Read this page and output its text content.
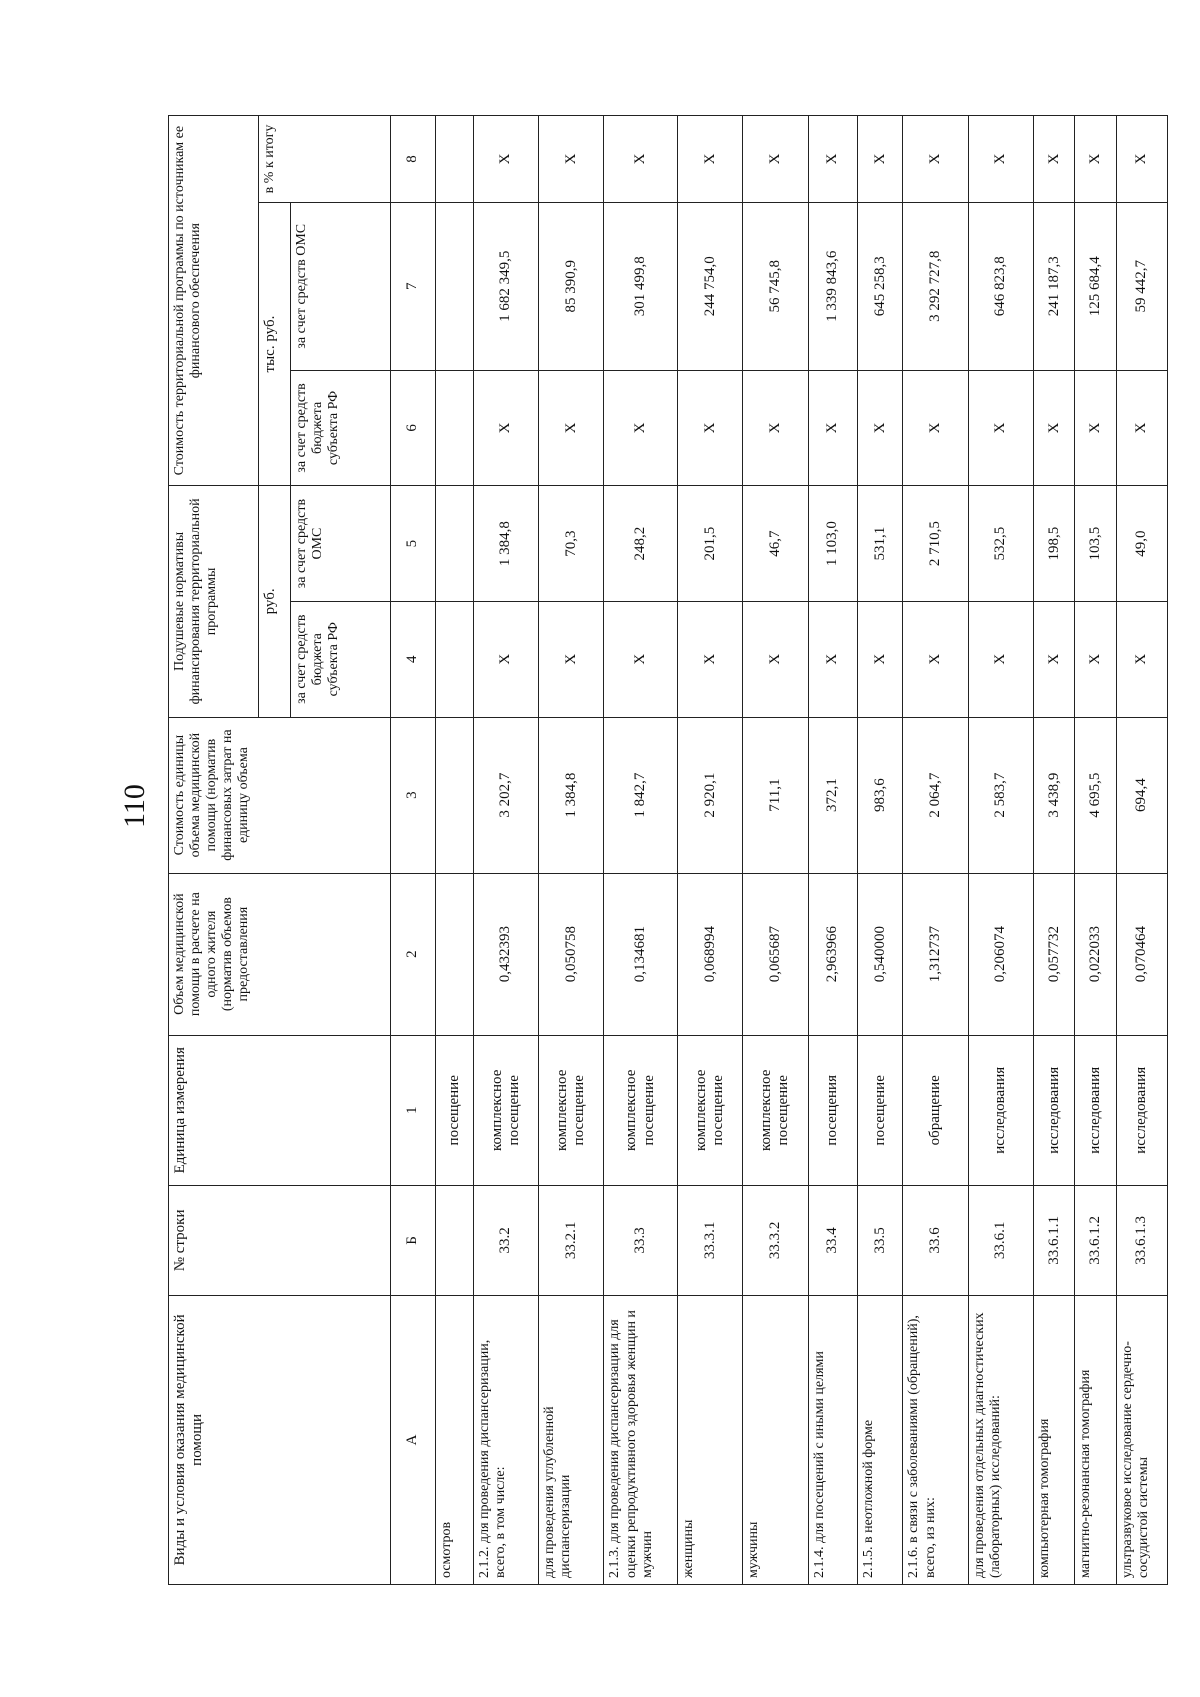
110
Виды и условия оказания медицинской помощи	№ строки	Единица измерения	Объем медицинской помощи в расчете на одного жителя (норматив объемов предоставления	Стоимость единицы объема медицинской помощи (норматив финансовых затрат на единицу объема	Подушевые нормативы финансирования территориальной программы		Стоимость территориальной программы по источникам ее финансового обеспечения		
					руб.		тыс. руб.		в % к итогу
					за счет средств бюджета субъекта РФ	за счет средств ОМС	за счет средств бюджета субъекта РФ	за счет средств ОМС	
А	Б	1	2	3	4	5	6	7	8
осмотров		посещение							
2.1.2. для проведения диспансеризации, всего, в том числе:	33.2	комплексное посещение	0,432393	3 202,7	Х	1 384,8	Х	1 682 349,5	Х
для проведения углубленной диспансеризации	33.2.1	комплексное посещение	0,050758	1 384,8	Х	70,3	Х	85 390,9	Х
2.1.3. для проведения диспансеризации для оценки репродуктивного здоровья женщин и мужчин	33.3	комплексное посещение	0,134681	1 842,7	Х	248,2	Х	301 499,8	Х
женщины	33.3.1	комплексное посещение	0,068994	2 920,1	Х	201,5	Х	244 754,0	Х
мужчины	33.3.2	комплексное посещение	0,065687	711,1	Х	46,7	Х	56 745,8	Х
2.1.4. для посещений с иными целями	33.4	посещения	2,963966	372,1	Х	1 103,0	Х	1 339 843,6	Х
2.1.5. в неотложной форме	33.5	посещение	0,540000	983,6	Х	531,1	Х	645 258,3	Х
2.1.6. в связи с заболеваниями (обращений), всего, из них:	33.6	обращение	1,312737	2 064,7	Х	2 710,5	Х	3 292 727,8	Х
для проведения отдельных диагностических (лабораторных) исследований:	33.6.1	исследования	0,206074	2 583,7	Х	532,5	Х	646 823,8	Х
компьютерная томография	33.6.1.1	исследования	0,057732	3 438,9	Х	198,5	Х	241 187,3	Х
магнитно-резонансная томография	33.6.1.2	исследования	0,022033	4 695,5	Х	103,5	Х	125 684,4	Х
ультразвуковое исследование сердечно-сосудистой системы	33.6.1.3	исследования	0,070464	694,4	Х	49,0	Х	59 442,7	Х
